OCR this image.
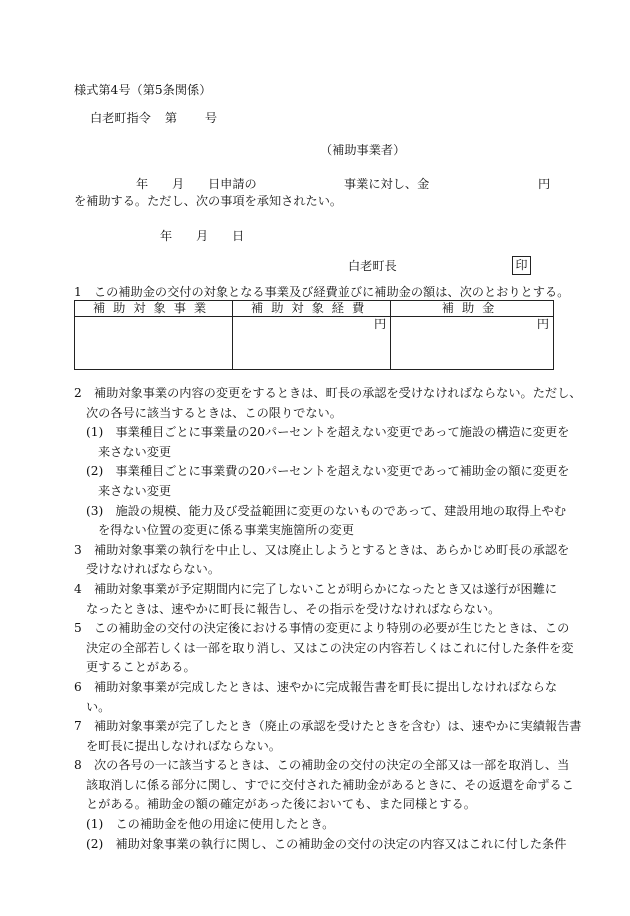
様式第4号（第5条関係）
白老町指令 第 号
（補助事業者）
年 月 日申請の	事業に対し、金	円
を補助する。ただし、次の事項を承知されたい。
年 月 日
白老町長	印
1　この補助金の交付の対象となる事業及び経費並びに補助金の額は、次のとおりとする。
補助対象事業	補助対象経費	補助金
	円	円
2　補助対象事業の内容の変更をするときは、町長の承認を受けなければならない。ただし、
次の各号に該当するときは、この限りでない。
(1)　事業種目ごとに事業量の20パーセントを超えない変更であって施設の構造に変更を
来さない変更
(2)　事業種目ごとに事業費の20パーセントを超えない変更であって補助金の額に変更を
来さない変更
(3)　施設の規模、能力及び受益範囲に変更のないものであって、建設用地の取得上やむ
を得ない位置の変更に係る事業実施箇所の変更
3　補助対象事業の執行を中止し、又は廃止しようとするときは、あらかじめ町長の承認を
受けなければならない。
4　補助対象事業が予定期間内に完了しないことが明らかになったとき又は遂行が困難に
なったときは、速やかに町長に報告し、その指示を受けなければならない。
5　この補助金の交付の決定後における事情の変更により特別の必要が生じたときは、この
決定の全部若しくは一部を取り消し、又はこの決定の内容若しくはこれに付した条件を変
更することがある。
6　補助対象事業が完成したときは、速やかに完成報告書を町長に提出しなければならな
い。
7　補助対象事業が完了したとき（廃止の承認を受けたときを含む）は、速やかに実績報告書
を町長に提出しなければならない。
8　次の各号の一に該当するときは、この補助金の交付の決定の全部又は一部を取消し、当
該取消しに係る部分に関し、すでに交付された補助金があるときに、その返還を命ずるこ
とがある。補助金の額の確定があった後においても、また同様とする。
(1)　この補助金を他の用途に使用したとき。
(2)　補助対象事業の執行に関し、この補助金の交付の決定の内容又はこれに付した条件
